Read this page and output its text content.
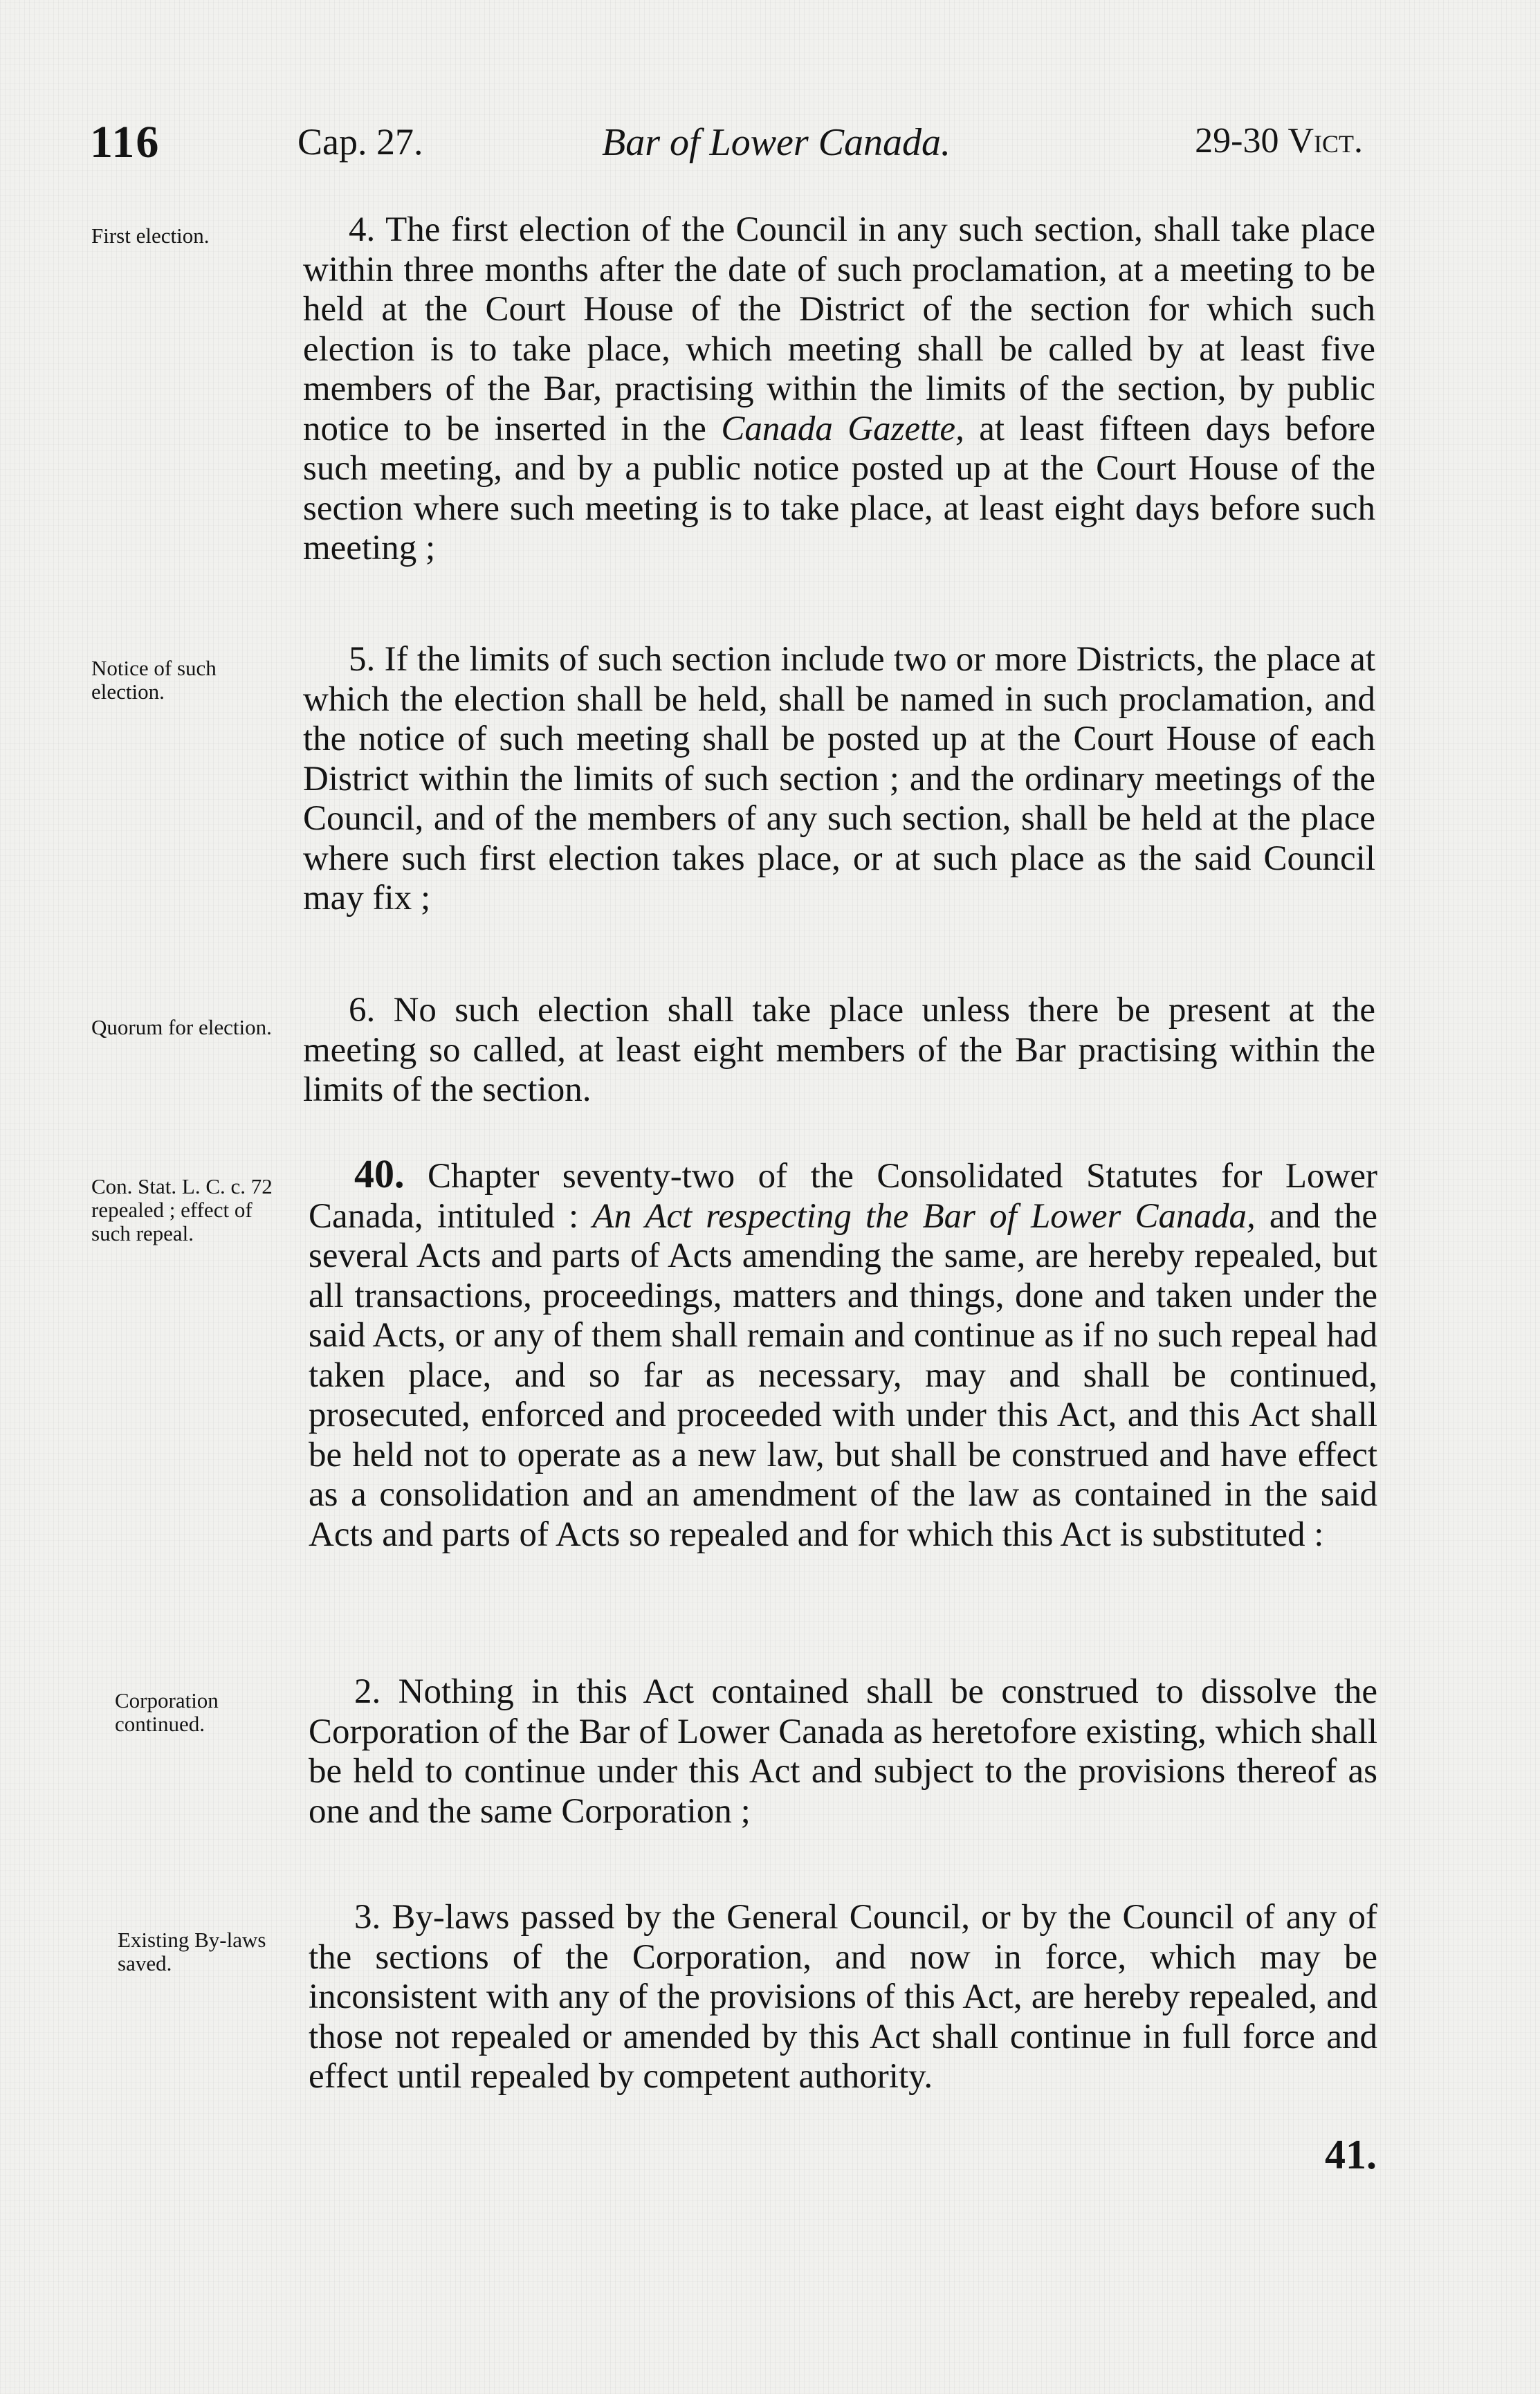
116	Cap. 27.	Bar of Lower Canada.	29-30 Vict.
First election.	4. The first election of the Council in any such section, shall take place within three months after the date of such proclamation, at a meeting to be held at the Court House of the District of the section for which such election is to take place, which meeting shall be called by at least five members of the Bar, practising within the limits of the section, by public notice to be inserted in the Canada Gazette, at least fifteen days before such meeting, and by a public notice posted up at the Court House of the section where such meeting is to take place, at least eight days before such meeting ;
Notice of such election.
5. If the limits of such section include two or more Districts, the place at which the election shall be held, shall be named in such proclamation, and the notice of such meeting shall be posted up at the Court House of each District within the limits of such section ; and the ordinary meetings of the Council, and of the members of any such section, shall be held at the place where such first election takes place, or at such place as the said Council may fix ;
Quorum for election.	6. No such election shall take place unless there be present at the meeting so called, at least eight members of the Bar practising within the limits of the section.
Con. Stat. L. C. c. 72 repealed ; effect of such repeal.
40. Chapter seventy-two of the Consolidated Statutes for Lower Canada, intituled : An Act respecting the Bar of Lower Canada, and the several Acts and parts of Acts amending the same, are hereby repealed, but all transactions, proceedings, matters and things, done and taken under the said Acts, or any of them shall remain and continue as if no such repeal had taken place, and so far as necessary, may and shall be continued, prosecuted, enforced and proceeded with under this Act, and this Act shall be held not to operate as a new law, but shall be construed and have effect as a consolidation and an amendment of the law as contained in the said Acts and parts of Acts so repealed and for which this Act is substituted :
Corporation continued.
2. Nothing in this Act contained shall be construed to dissolve the Corporation of the Bar of Lower Canada as heretofore existing, which shall be held to continue under this Act and subject to the provisions thereof as one and the same Corporation ;
Existing By-laws saved.
3. By-laws passed by the General Council, or by the Council of any of the sections of the Corporation, and now in force, which may be inconsistent with any of the provisions of this Act, are hereby repealed, and those not repealed or amended by this Act shall continue in full force and effect until repealed by competent authority.
41.
